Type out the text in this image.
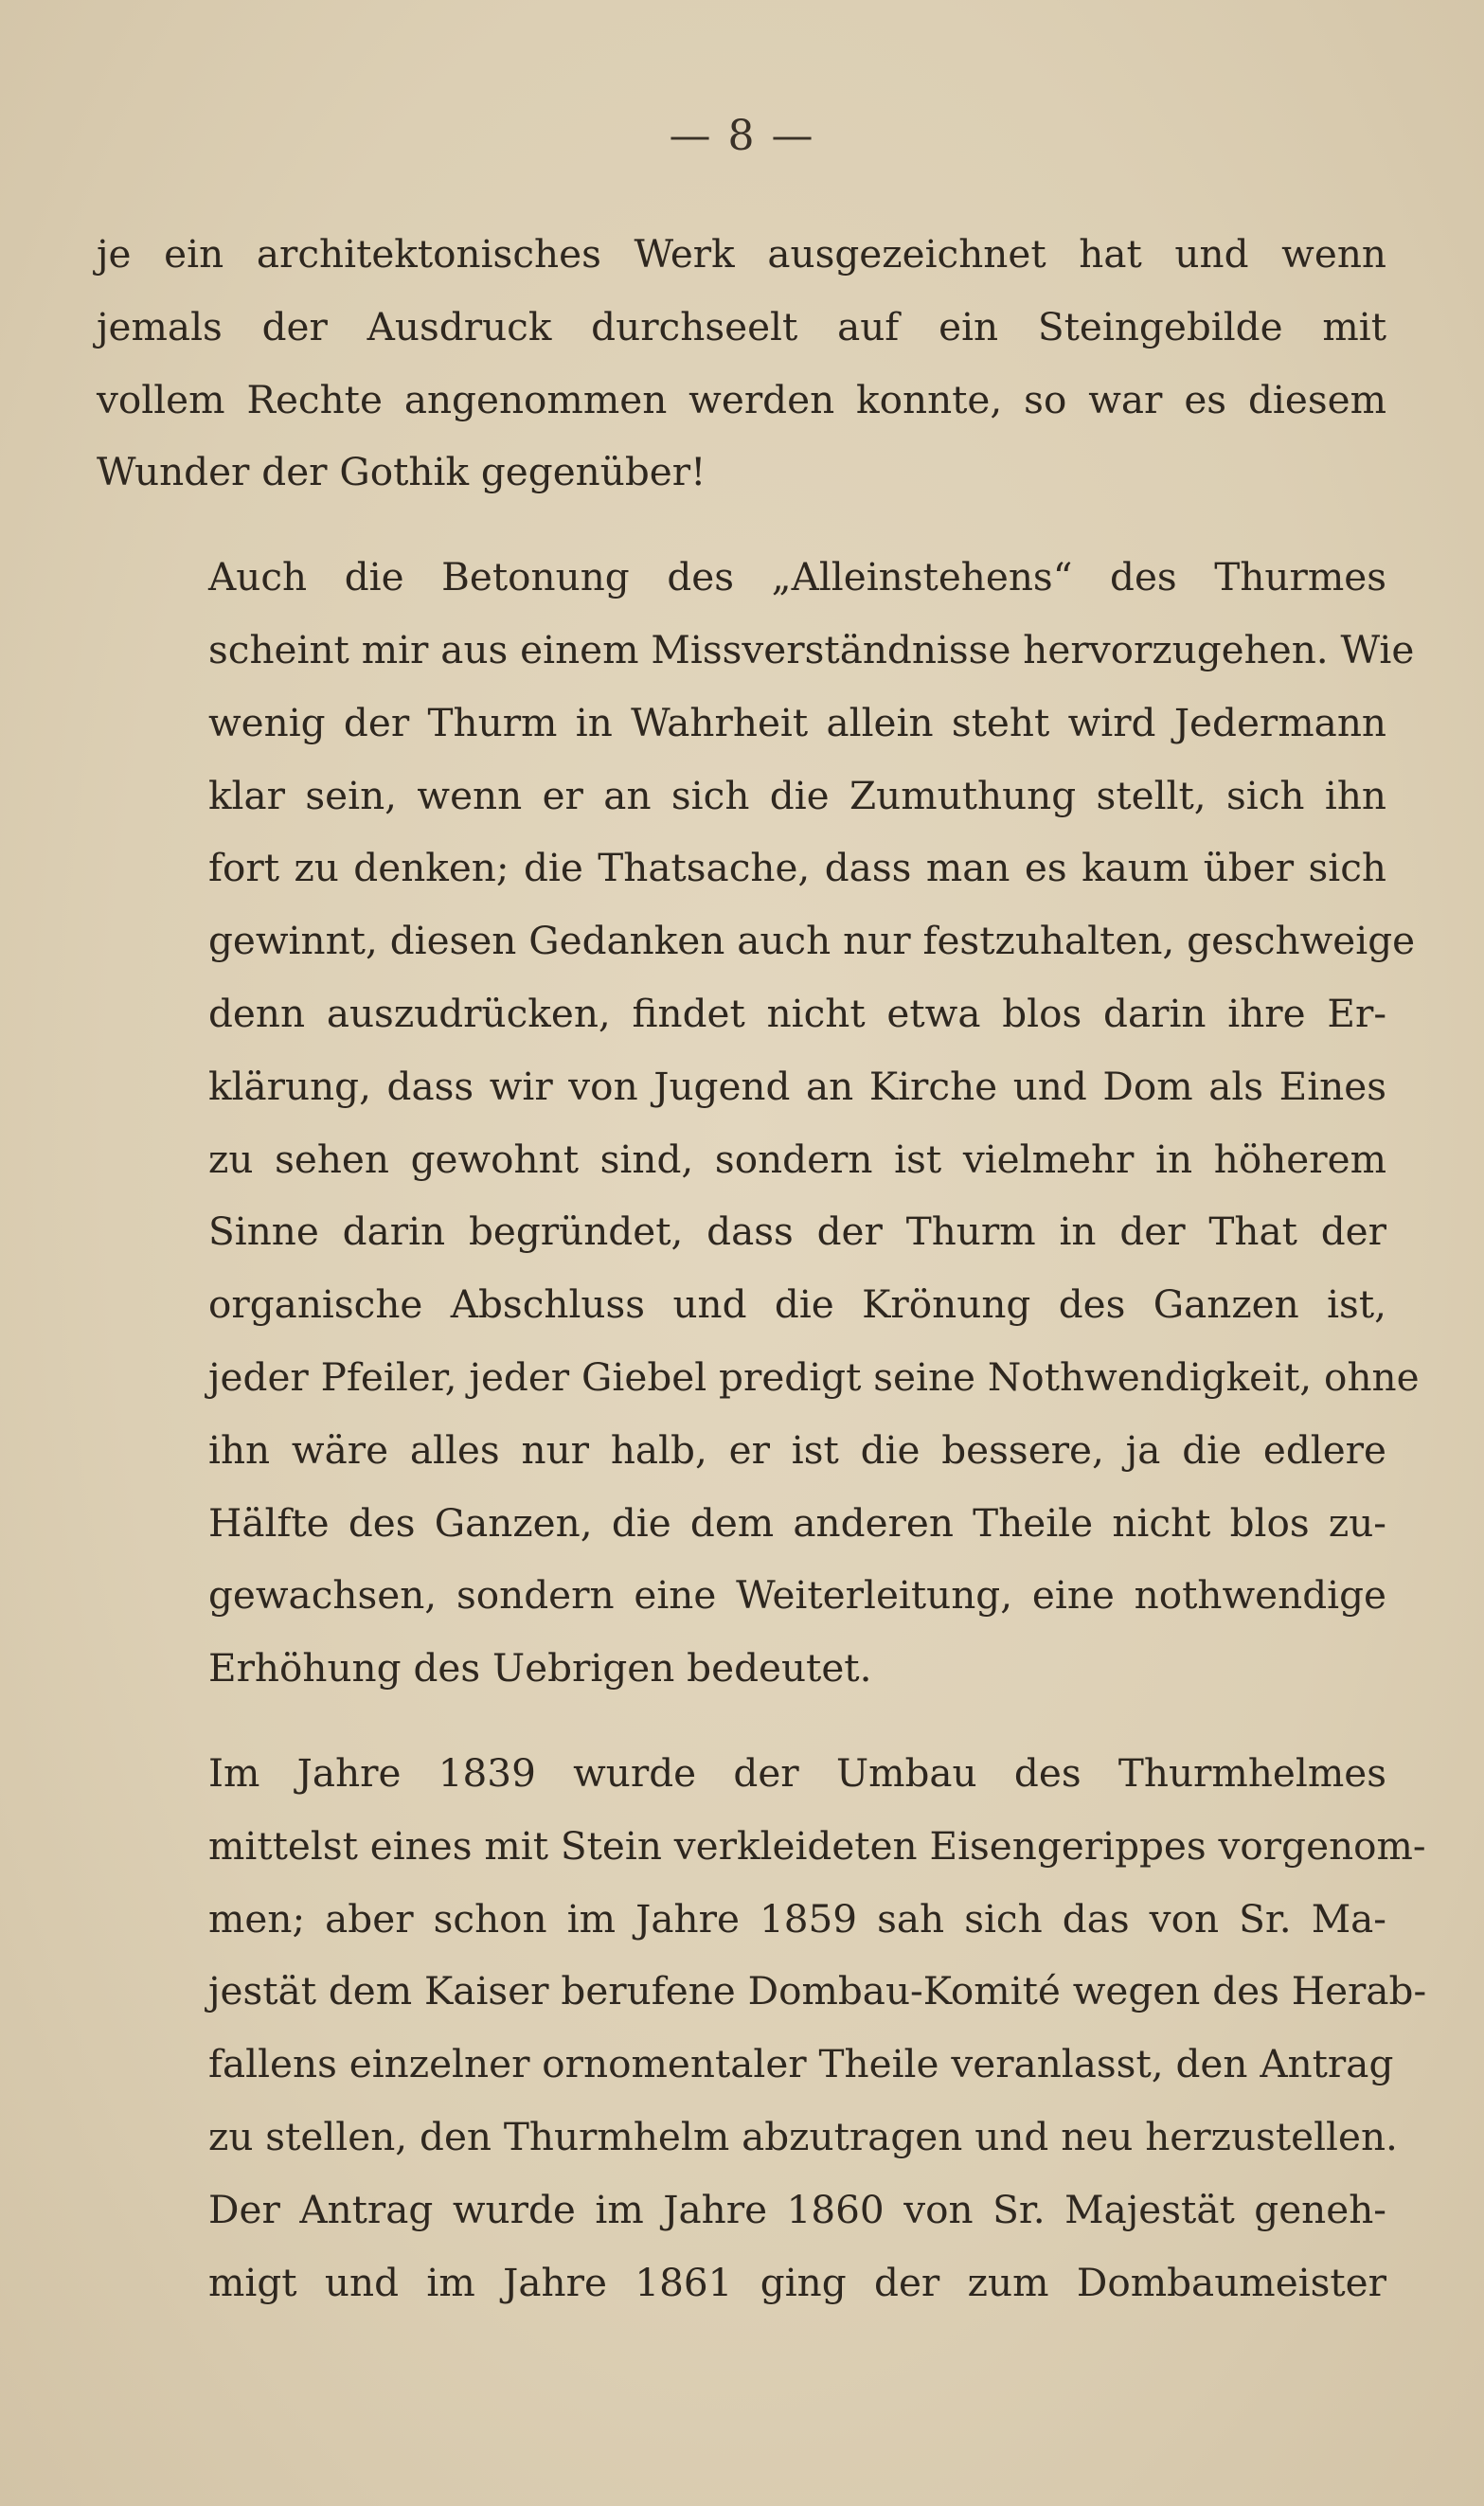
— 8 —

je ein architektonisches Werk ausgezeichnet hat und wenn
jemals der Ausdruck durchseelt auf ein Steingebilde mit
vollem Rechte angenommen werden konnte, so war es diesem
Wunder der Gothik gegenüber!

Auch die Betonung des „Alleinstehens“ des Thurmes
scheint mir aus einem Missverständnisse hervorzugehen. Wie
wenig der Thurm in Wahrheit allein steht wird Jedermann
klar sein, wenn er an sich die Zumuthung stellt, sich ihn
fort zu denken; die Thatsache, dass man es kaum über sich
gewinnt, diesen Gedanken auch nur festzuhalten, geschweige
denn auszudrücken, findet nicht etwa blos darin ihre Er-
klärung, dass wir von Jugend an Kirche und Dom als Eines
zu sehen gewohnt sind, sondern ist vielmehr in höherem
Sinne darin begründet, dass der Thurm in der That der
organische Abschluss und die Krönung des Ganzen ist,
jeder Pfeiler, jeder Giebel predigt seine Nothwendigkeit, ohne
ihn wäre alles nur halb, er ist die bessere, ja die edlere
Hälfte des Ganzen, die dem anderen Theile nicht blos zu-
gewachsen, sondern eine Weiterleitung, eine nothwendige
Erhöhung des Uebrigen bedeutet.

Im Jahre 1839 wurde der Umbau des Thurmhelmes
mittelst eines mit Stein verkleideten Eisengerippes vorgenom-
men; aber schon im Jahre 1859 sah sich das von Sr. Ma-
jestät dem Kaiser berufene Dombau-Komité wegen des Herab-
fallens einzelner ornomentaler Theile veranlasst, den Antrag
zu stellen, den Thurmhelm abzutragen und neu herzustellen.
Der Antrag wurde im Jahre 1860 von Sr. Majestät geneh-
migt und im Jahre 1861 ging der zum Dombaumeister
